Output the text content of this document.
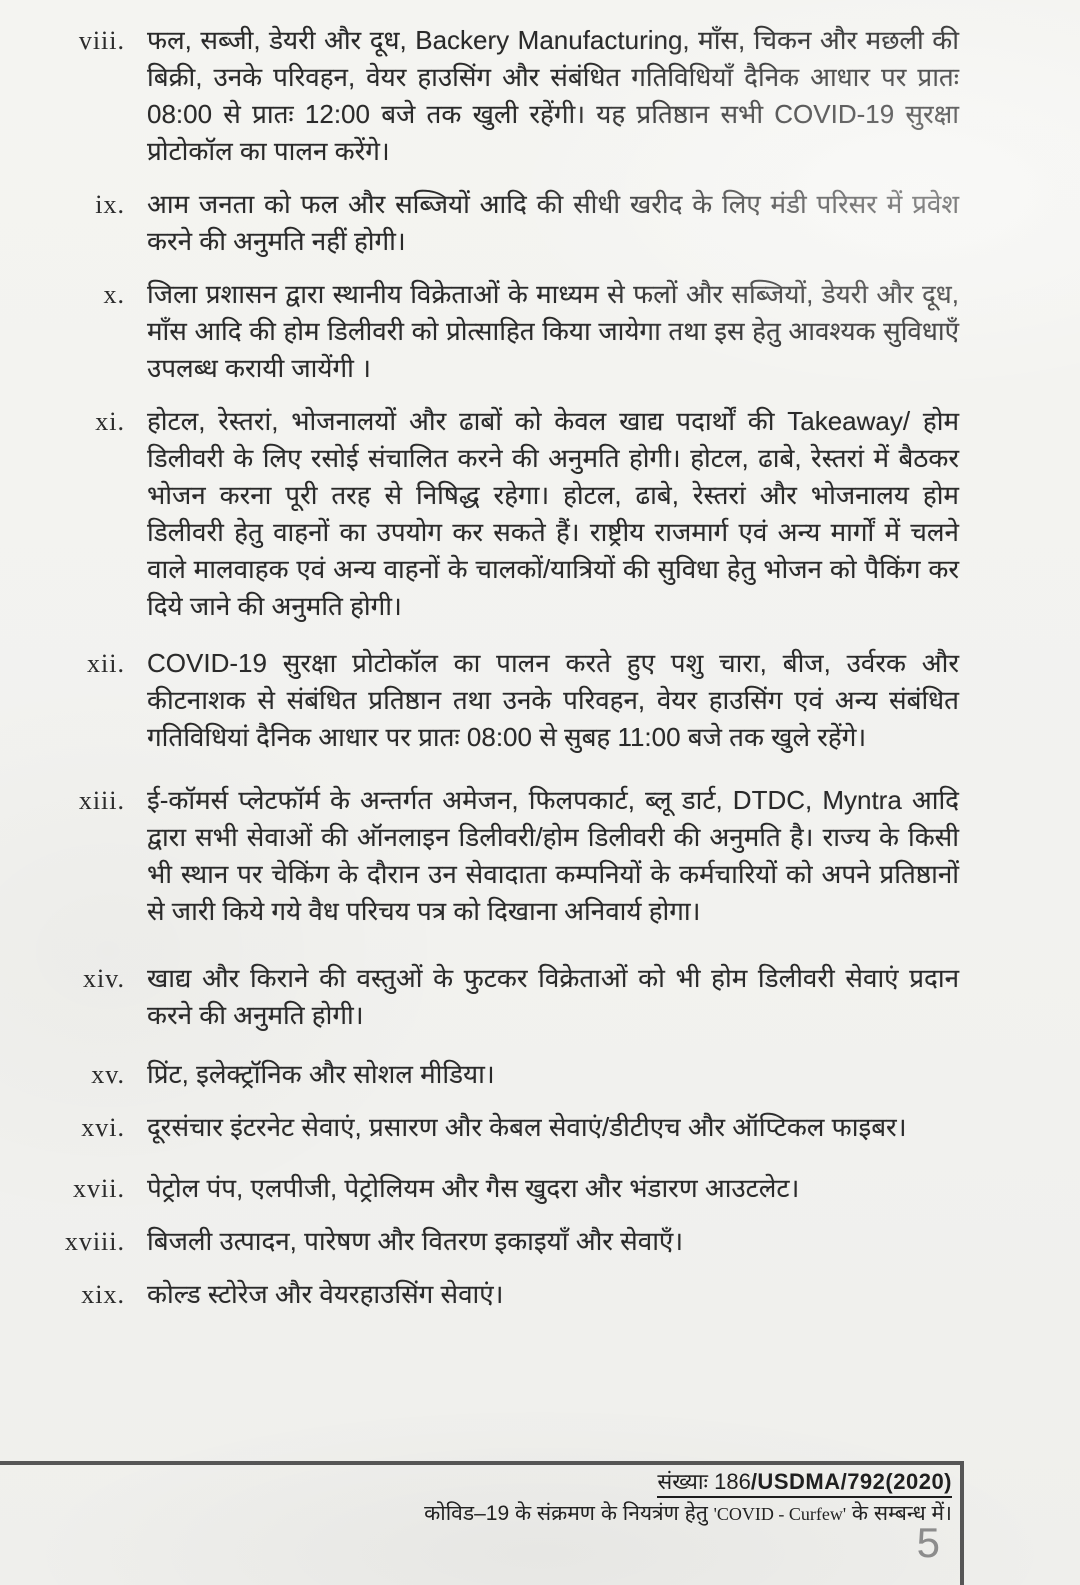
viii. फल, सब्जी, डेयरी और दूध, Backery Manufacturing, माँस, चिकन और मछली की बिक्री, उनके परिवहन, वेयर हाउसिंग और संबंधित गतिविधियाँ दैनिक आधार पर प्रातः 08:00 से प्रातः 12:00 बजे तक खुली रहेंगी। यह प्रतिष्ठान सभी COVID-19 सुरक्षा प्रोटोकॉल का पालन करेंगे।
ix. आम जनता को फल और सब्जियों आदि की सीधी खरीद के लिए मंडी परिसर में प्रवेश करने की अनुमति नहीं होगी।
x. जिला प्रशासन द्वारा स्थानीय विक्रेताओं के माध्यम से फलों और सब्जियों, डेयरी और दूध, माँस आदि की होम डिलीवरी को प्रोत्साहित किया जायेगा तथा इस हेतु आवश्यक सुविधाएँ उपलब्ध करायी जायेंगी ।
xi. होटल, रेस्तरां, भोजनालयों और ढाबों को केवल खाद्य पदार्थों की Takeaway/ होम डिलीवरी के लिए रसोई संचालित करने की अनुमति होगी। होटल, ढाबे, रेस्तरां में बैठकर भोजन करना पूरी तरह से निषिद्ध रहेगा। होटल, ढाबे, रेस्तरां और भोजनालय होम डिलीवरी हेतु वाहनों का उपयोग कर सकते हैं। राष्ट्रीय राजमार्ग एवं अन्य मार्गों में चलने वाले मालवाहक एवं अन्य वाहनों के चालकों/यात्रियों की सुविधा हेतु भोजन को पैकिंग कर दिये जाने की अनुमति होगी।
xii. COVID-19 सुरक्षा प्रोटोकॉल का पालन करते हुए पशु चारा, बीज, उर्वरक और कीटनाशक से संबंधित प्रतिष्ठान तथा उनके परिवहन, वेयर हाउसिंग एवं अन्य संबंधित गतिविधियां दैनिक आधार पर प्रातः 08:00 से सुबह 11:00 बजे तक खुले रहेंगे।
xiii. ई-कॉमर्स प्लेटफॉर्म के अन्तर्गत अमेजन, फिलपकार्ट, ब्लू डार्ट, DTDC, Myntra आदि द्वारा सभी सेवाओं की ऑनलाइन डिलीवरी/होम डिलीवरी की अनुमति है। राज्य के किसी भी स्थान पर चेकिंग के दौरान उन सेवादाता कम्पनियों के कर्मचारियों को अपने प्रतिष्ठानों से जारी किये गये वैध परिचय पत्र को दिखाना अनिवार्य होगा।
xiv. खाद्य और किराने की वस्तुओं के फुटकर विक्रेताओं को भी होम डिलीवरी सेवाएं प्रदान करने की अनुमति होगी।
xv. प्रिंट, इलेक्ट्रॉनिक और सोशल मीडिया।
xvi. दूरसंचार इंटरनेट सेवाएं, प्रसारण और केबल सेवाएं/डीटीएच और ऑप्टिकल फाइबर।
xvii. पेट्रोल पंप, एलपीजी, पेट्रोलियम और गैस खुदरा और भंडारण आउटलेट।
xviii. बिजली उत्पादन, पारेषण और वितरण इकाइयाँ और सेवाएँ।
xix. कोल्ड स्टोरेज और वेयरहाउसिंग सेवाएं।
संख्याः 186/USDMA/792(2020)
कोविड–19 के संक्रमण के नियत्रंण हेतु 'COVID - Curfew' के सम्बन्ध में।
5
